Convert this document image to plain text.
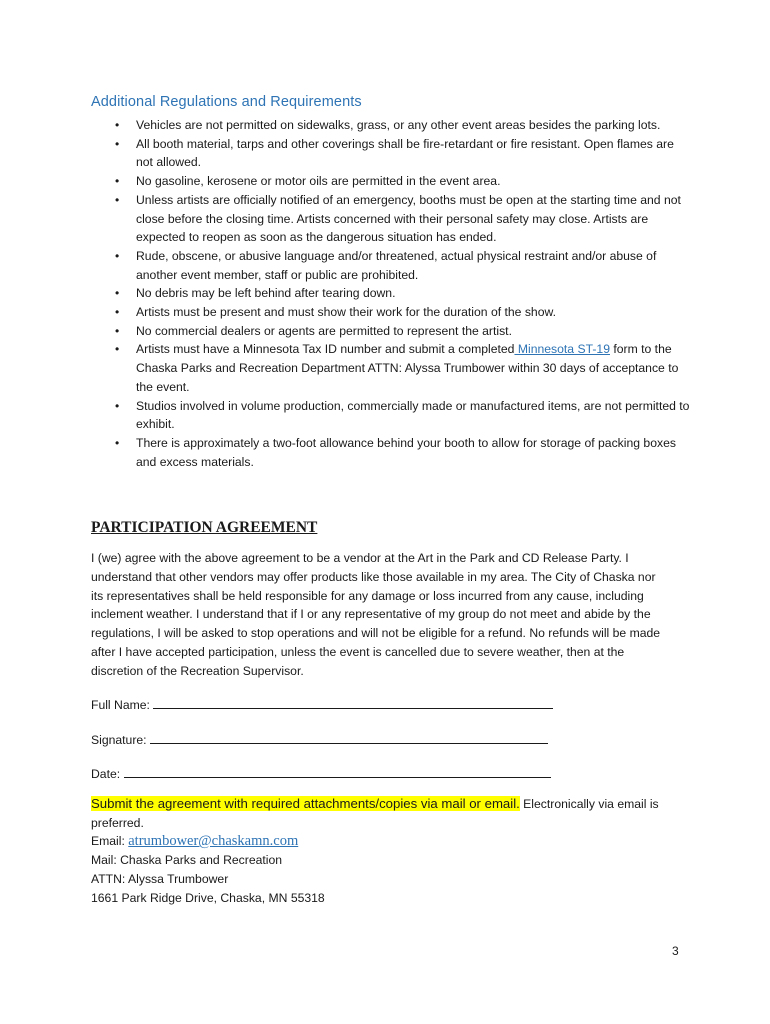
Additional Regulations and Requirements
• Vehicles are not permitted on sidewalks, grass, or any other event areas besides the parking lots.
• All booth material, tarps and other coverings shall be fire-retardant or fire resistant. Open flames are not allowed.
• No gasoline, kerosene or motor oils are permitted in the event area.
• Unless artists are officially notified of an emergency, booths must be open at the starting time and not close before the closing time. Artists concerned with their personal safety may close. Artists are expected to reopen as soon as the dangerous situation has ended.
• Rude, obscene, or abusive language and/or threatened, actual physical restraint and/or abuse of another event member, staff or public are prohibited.
• No debris may be left behind after tearing down.
• Artists must be present and must show their work for the duration of the show.
• No commercial dealers or agents are permitted to represent the artist.
• Artists must have a Minnesota Tax ID number and submit a completed Minnesota ST-19 form to the Chaska Parks and Recreation Department ATTN: Alyssa Trumbower within 30 days of acceptance to the event.
• Studios involved in volume production, commercially made or manufactured items, are not permitted to exhibit.
• There is approximately a two-foot allowance behind your booth to allow for storage of packing boxes and excess materials.
PARTICIPATION AGREEMENT

I (we) agree with the above agreement to be a vendor at the Art in the Park and CD Release Party. I understand that other vendors may offer products like those available in my area. The City of Chaska nor its representatives shall be held responsible for any damage or loss incurred from any cause, including inclement weather. I understand that if I or any representative of my group do not meet and abide by the regulations, I will be asked to stop operations and will not be eligible for a refund. No refunds will be made after I have accepted participation, unless the event is cancelled due to severe weather, then at the discretion of the Recreation Supervisor.

Full Name:

Signature:

Date:

Submit the agreement with required attachments/copies via mail or email. Electronically via email is preferred.

Email: atrumbower@chaskamn.com
Mail: Chaska Parks and Recreation
ATTN: Alyssa Trumbower
1661 Park Ridge Drive, Chaska, MN 55318
3
